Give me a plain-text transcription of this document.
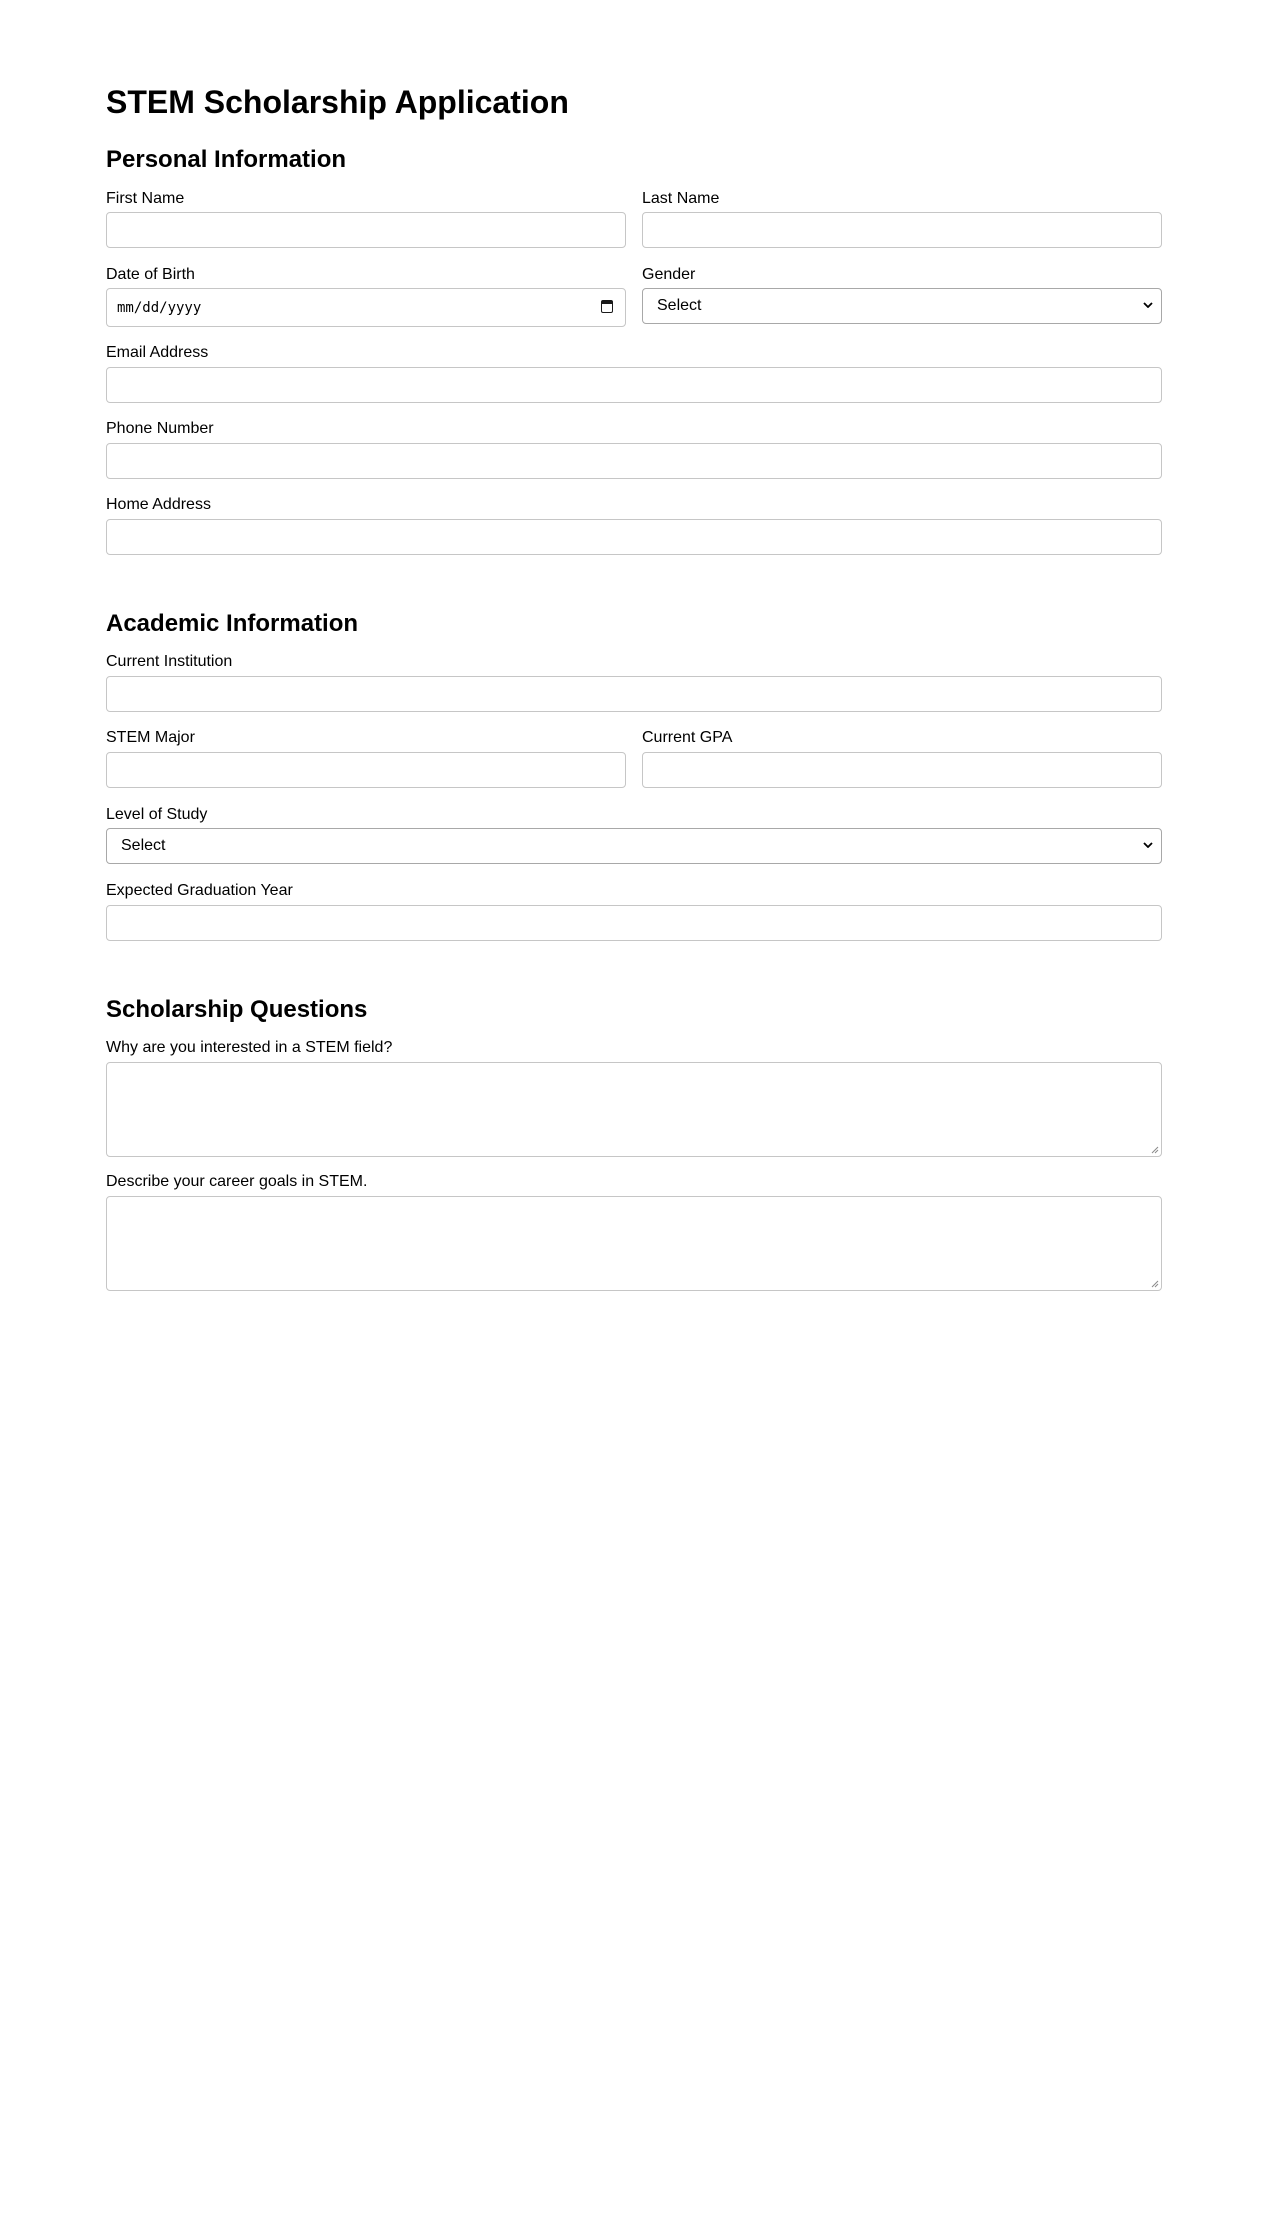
STEM Scholarship Application
Personal Information
First Name	Last Name
Date of Birth
mm/dd/yyyy
Gender
Select
Email Address
Phone Number
Home Address
Academic Information
Current Institution
STEM Major	Current GPA
Level of Study
Select
Expected Graduation Year
Scholarship Questions
Why are you interested in a STEM field?
Describe your career goals in STEM.
